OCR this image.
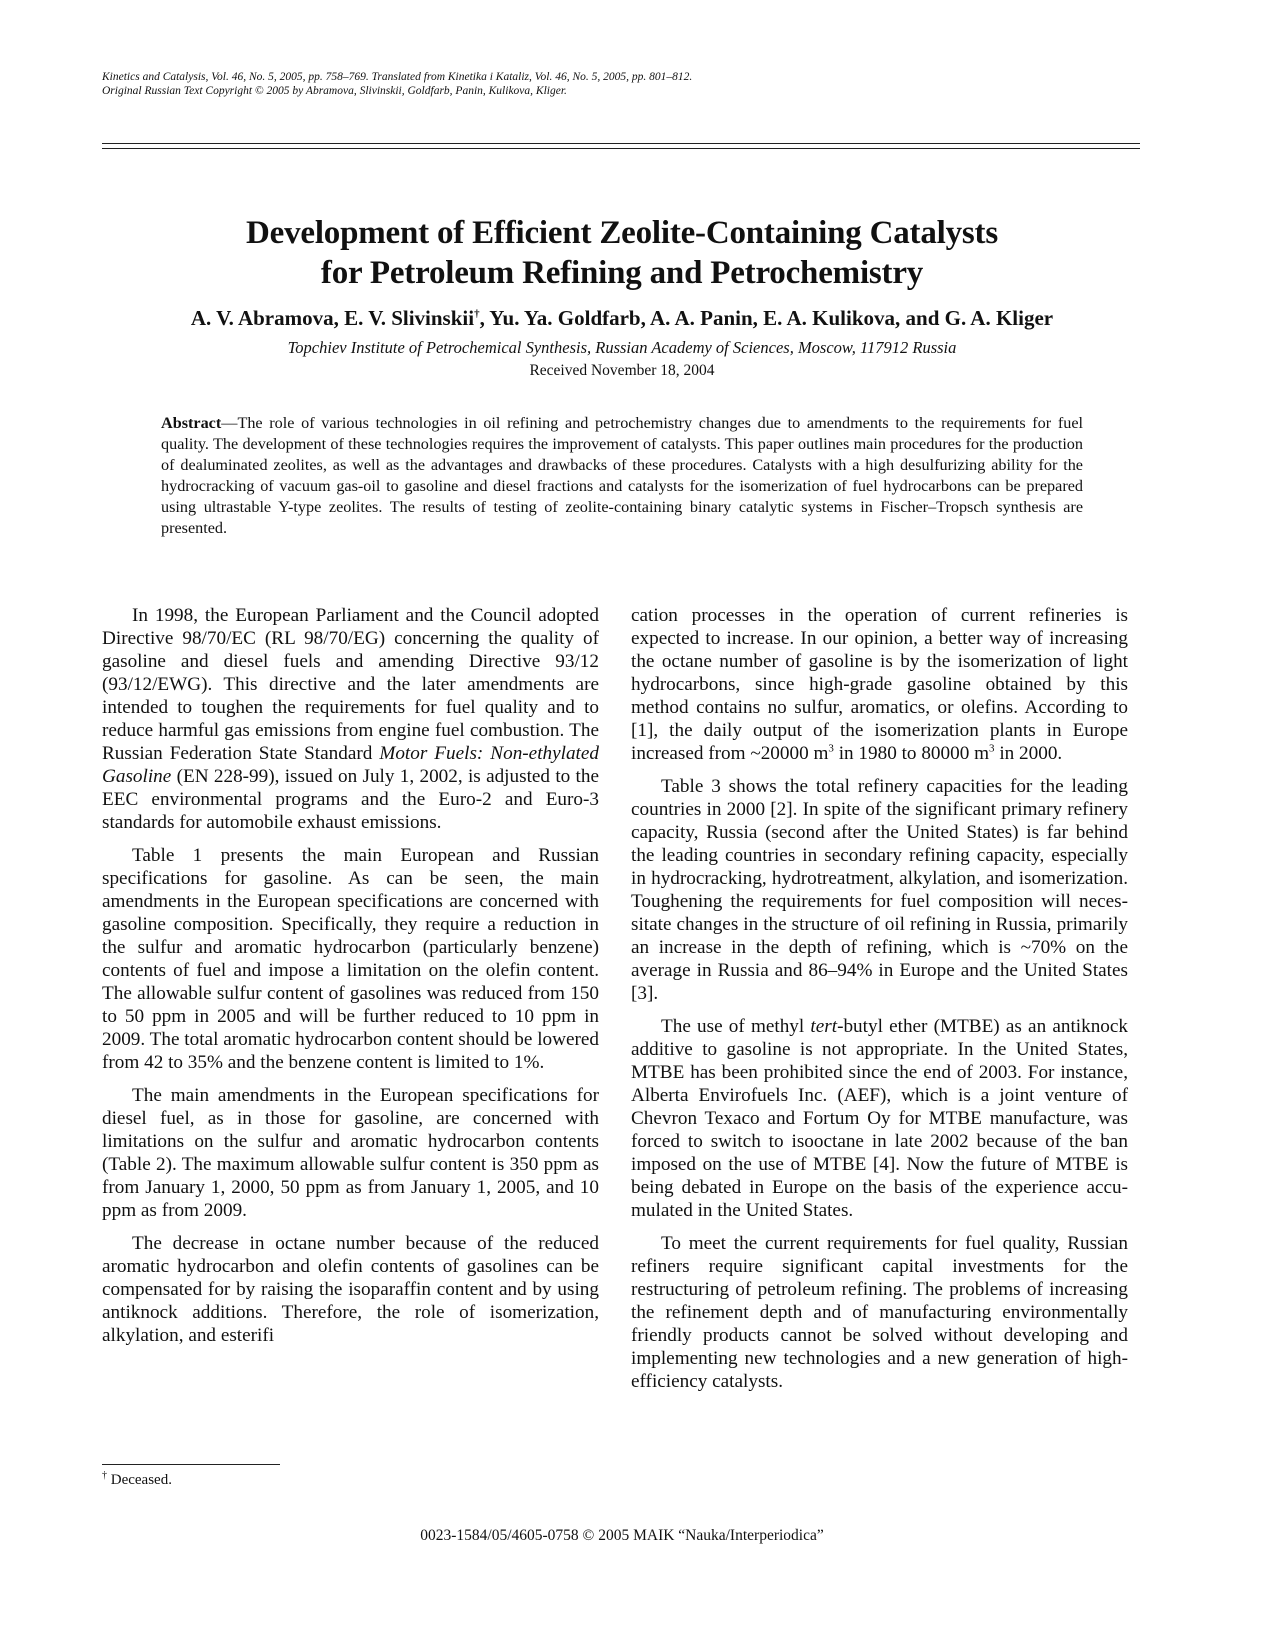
Kinetics and Catalysis, Vol. 46, No. 5, 2005, pp. 758–769. Translated from Kinetika i Kataliz, Vol. 46, No. 5, 2005, pp. 801–812.
Original Russian Text Copyright © 2005 by Abramova, Slivinskii, Goldfarb, Panin, Kulikova, Kliger.
Development of Efficient Zeolite-Containing Catalysts
for Petroleum Refining and Petrochemistry
A. V. Abramova, E. V. Slivinskii†, Yu. Ya. Goldfarb, A. A. Panin, E. A. Kulikova, and G. A. Kliger
Topchiev Institute of Petrochemical Synthesis, Russian Academy of Sciences, Moscow, 117912 Russia
Received November 18, 2004
Abstract—The role of various technologies in oil refining and petrochemistry changes due to amendments to the requirements for fuel quality. The development of these technologies requires the improvement of catalysts. This paper outlines main procedures for the production of dealuminated zeolites, as well as the advantages and drawbacks of these procedures. Catalysts with a high desulfurizing ability for the hydrocracking of vacuum gas-oil to gasoline and diesel fractions and catalysts for the isomerization of fuel hydrocarbons can be prepared using ultrastable Y-type zeolites. The results of testing of zeolite-containing binary catalytic systems in Fischer–Tropsch synthesis are presented.

In 1998, the European Parliament and the Council adopted Directive 98/70/EC (RL 98/70/EG) concerning the quality of gasoline and diesel fuels and amending Directive 93/12 (93/12/EWG). This directive and the later amendments are intended to toughen the requirements for fuel quality and to reduce harmful gas emissions from engine fuel combustion. The Russian Federation State Standard Motor Fuels: Non-ethylated Gasoline (EN 228-99), issued on July 1, 2002, is adjusted to the EEC environmental programs and the Euro-2 and Euro-3 standards for automobile exhaust emissions.

Table 1 presents the main European and Russian specifications for gasoline. As can be seen, the main amendments in the European specifications are concerned with gasoline composition. Specifically, they require a reduction in the sulfur and aromatic hydrocarbon (particularly benzene) contents of fuel and impose a limitation on the olefin content. The allowable sulfur content of gasolines was reduced from 150 to 50 ppm in 2005 and will be further reduced to 10 ppm in 2009. The total aromatic hydrocarbon content should be lowered from 42 to 35% and the benzene content is limited to 1%.

The main amendments in the European specifications for diesel fuel, as in those for gasoline, are concerned with limitations on the sulfur and aromatic hydrocarbon contents (Table 2). The maximum allowable sulfur content is 350 ppm as from January 1, 2000, 50 ppm as from January 1, 2005, and 10 ppm as from 2009.

The decrease in octane number because of the reduced aromatic hydrocarbon and olefin contents of gasolines can be compensated for by raising the isoparaffin content and by using antiknock additions. Therefore, the role of isomerization, alkylation, and esterifi

cation processes in the operation of current refineries is expected to increase. In our opinion, a better way of increasing the octane number of gasoline is by the isomerization of light hydrocarbons, since high-grade gasoline obtained by this method contains no sulfur, aromatics, or olefins. According to [1], the daily output of the isomerization plants in Europe increased from ~20000 $m^3$ in 1980 to 80000 $m^3$ in 2000.

Table 3 shows the total refinery capacities for the leading countries in 2000 [2]. In spite of the significant primary refinery capacity, Russia (second after the United States) is far behind the leading countries in secondary refining capacity, especially in hydrocracking, hydrotreatment, alkylation, and isomerization. Toughening the requirements for fuel composition will necessitate changes in the structure of oil refining in Russia, primarily an increase in the depth of refining, which is ~70% on the average in Russia and 86–94% in Europe and the United States [3].

The use of methyl tert-butyl ether (MTBE) as an antiknock additive to gasoline is not appropriate. In the United States, MTBE has been prohibited since the end of 2003. For instance, Alberta Envirofuels Inc. (AEF), which is a joint venture of Chevron Texaco and Fortum Oy for MTBE manufacture, was forced to switch to isooctane in late 2002 because of the ban imposed on the use of MTBE [4]. Now the future of MTBE is being debated in Europe on the basis of the experience accumulated in the United States.

To meet the current requirements for fuel quality, Russian refiners require significant capital investments for the restructuring of petroleum refining. The problems of increasing the refinement depth and of manufacturing environmentally friendly products cannot be solved without developing and implementing new technologies and a new generation of high-efficiency catalysts.

† Deceased.
0023-1584/05/4605-0758 © 2005 MAIK “Nauka/Interperiodica”
